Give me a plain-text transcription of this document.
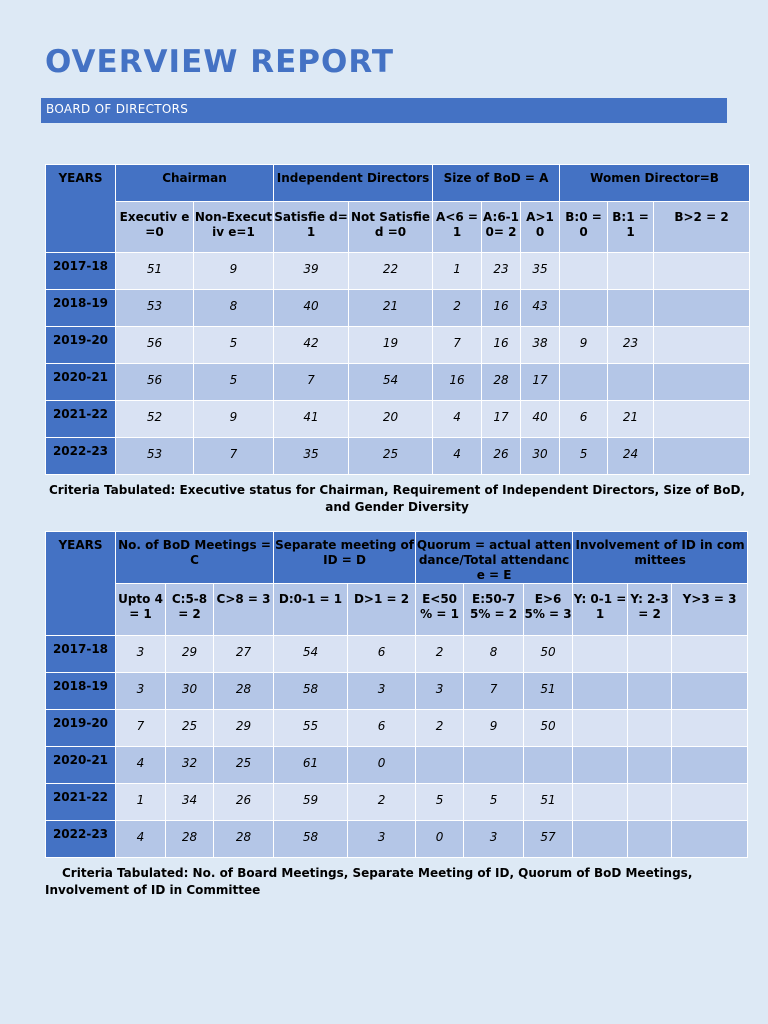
OVERVIEW REPORT
BOARD OF DIRECTORS
YEARS	Chairman		Independent Directors		Size of BoD = A			Women Director=B		
	Executiv e=0	Non-Executiv e=1	Satisfie d=1	Not Satisfied =0	A<6 =1	A:6-10= 2	A>1 0	B:0 = 0	B:1 = 1	B>2 = 2
2017-18	51	9	39	22	1	23	35			
2018-19	53	8	40	21	2	16	43			
2019-20	56	5	42	19	7	16	38	9	23	
2020-21	56	5	7	54	16	28	17			
2021-22	52	9	41	20	4	17	40	6	21	
2022-23	53	7	35	25	4	26	30	5	24	
Criteria Tabulated: Executive status for Chairman, Requirement of Independent Directors, Size of BoD, and Gender Diversity
YEARS	No. of BoD Meetings = C			Separate meeting of ID = D		Quorum = actual attendance/Total attendance = E			Involvement of ID in committees		
	Upto 4 = 1	C:5-8 = 2	C>8 = 3	D:0-1 = 1	D>1 = 2	E<50 % = 1	E:50-75% = 2	E>6 5% = 3	Y: 0-1 = 1	Y: 2-3 = 2	Y>3 = 3
2017-18	3	29	27	54	6	2	8	50			
2018-19	3	30	28	58	3	3	7	51			
2019-20	7	25	29	55	6	2	9	50			
2020-21	4	32	25	61	0						
2021-22	1	34	26	59	2	5	5	51			
2022-23	4	28	28	58	3	0	3	57			
Criteria Tabulated: No. of Board Meetings, Separate Meeting of ID, Quorum of BoD Meetings, Involvement of ID in Committee
